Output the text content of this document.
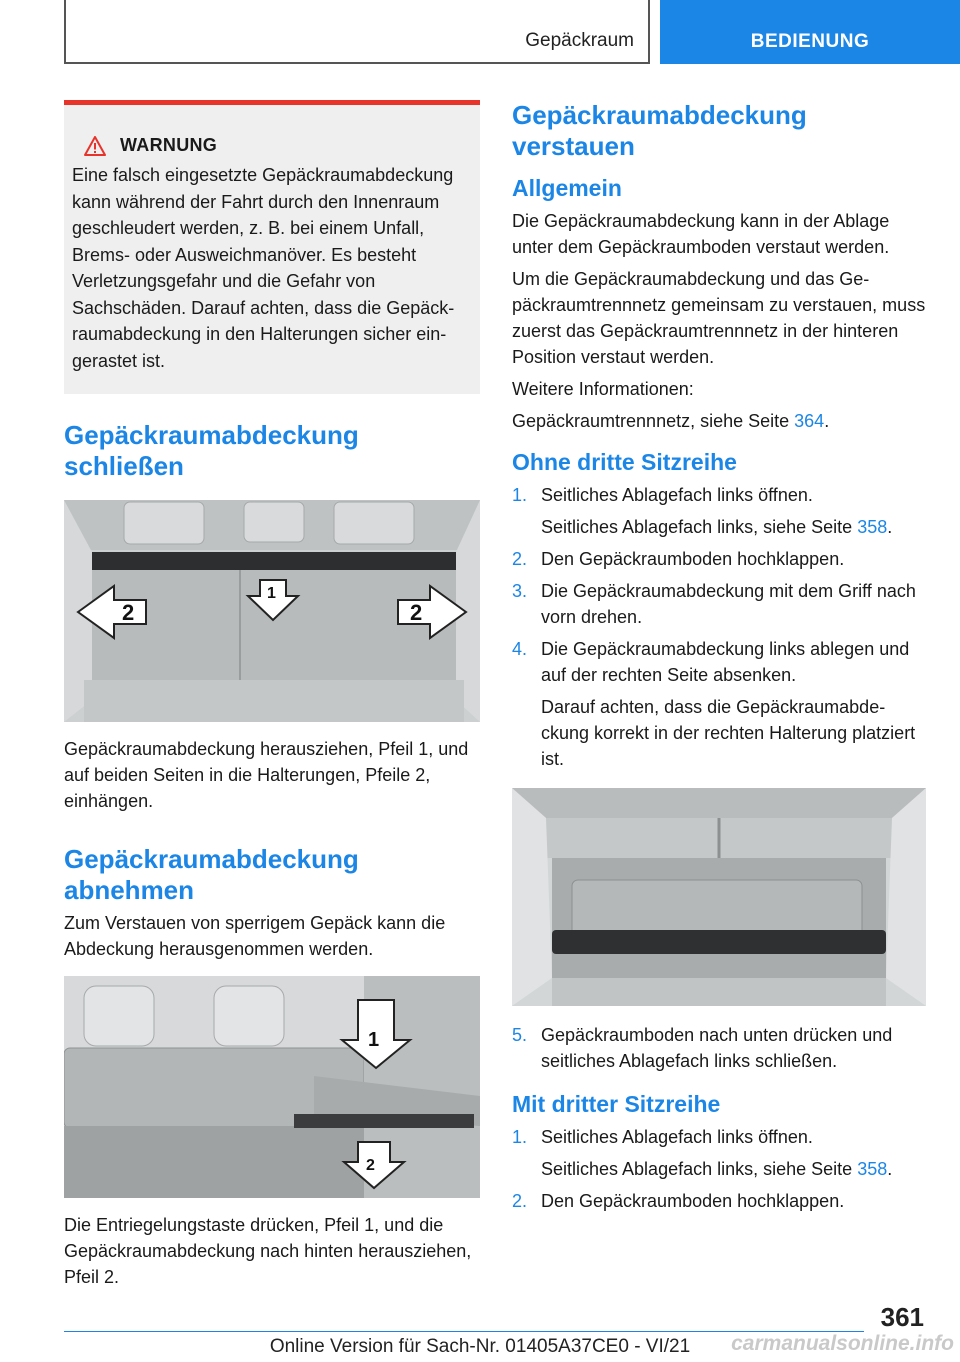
Gepäckraum	BEDIENUNG
WARNUNG
Eine falsch eingesetzte Gepäckraumabdeckung kann während der Fahrt durch den Innenraum geschleudert werden, z. B. bei einem Unfall, Brems- oder Ausweichmanöver. Es besteht Verletzungsgefahr und die Gefahr von Sachschäden. Darauf achten, dass die Gepäckraumabdeckung in den Halterungen sicher eingerastet ist.
Gepäckraumabdeckung schließen
2
1
2
Gepäckraumabdeckung herausziehen, Pfeil 1, und auf beiden Seiten in die Halterungen, Pfeile 2, einhängen.
Gepäckraumabdeckung abnehmen
Zum Verstauen von sperrigem Gepäck kann die Abdeckung herausgenommen werden.
1
2
Die Entriegelungstaste drücken, Pfeil 1, und die Gepäckraumabdeckung nach hinten herausziehen, Pfeil 2.
Gepäckraumabdeckung verstauen
Allgemein
Die Gepäckraumabdeckung kann in der Ablage unter dem Gepäckraumboden verstaut werden.
Um die Gepäckraumabdeckung und das Gepäckraumtrennnetz gemeinsam zu verstauen, muss zuerst das Gepäckraumtrennnetz in der hinteren Position verstaut werden.
Weitere Informationen:
Gepäckraumtrennnetz, siehe Seite 364.
Ohne dritte Sitzreihe
1. Seitliches Ablagefach links öffnen.
Seitliches Ablagefach links, siehe Seite 358.
2. Den Gepäckraumboden hochklappen.
3. Die Gepäckraumabdeckung mit dem Griff nach vorn drehen.
4. Die Gepäckraumabdeckung links ablegen und auf der rechten Seite absenken.
Darauf achten, dass die Gepäckraumabdeckung korrekt in der rechten Halterung platziert ist.
5. Gepäckraumboden nach unten drücken und seitliches Ablagefach links schließen.
Mit dritter Sitzreihe
1. Seitliches Ablagefach links öffnen.
Seitliches Ablagefach links, siehe Seite 358.
2. Den Gepäckraumboden hochklappen.
361
Online Version für Sach-Nr. 01405A37CE0 - VI/21	carmanualsonline.info
